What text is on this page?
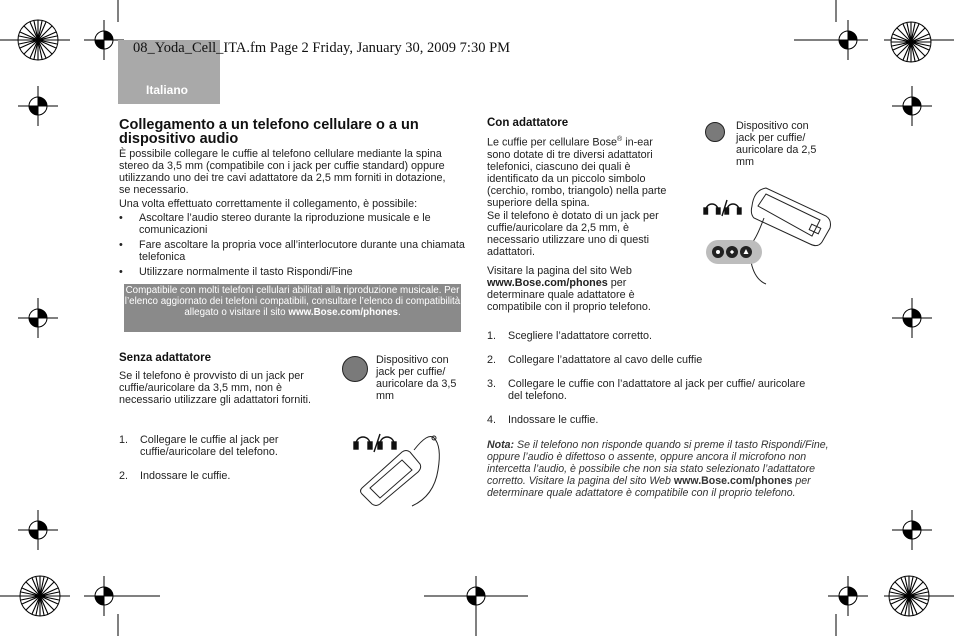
Italiano
08_Yoda_Cell_ITA.fm Page 2 Friday, January 30, 2009 7:30 PM
Collegamento a un telefono cellulare o a un dispositivo audio
È possibile collegare le cuffie al telefono cellulare mediante la spina stereo da 3,5 mm (compatibile con i jack per cuffie standard) oppure utilizzando uno dei tre cavi adattatore da 2,5 mm forniti in dotazione, se necessario.
Una volta effettuato correttamente il collegamento, è possibile:
• Ascoltare l’audio stereo durante la riproduzione musicale e le comunicazioni
• Fare ascoltare la propria voce all’interlocutore durante una chiamata telefonica
• Utilizzare normalmente il tasto Rispondi/Fine
Compatibile con molti telefoni cellulari abilitati alla riproduzione musicale. Per l’elenco aggiornato dei telefoni compatibili, consultare l’elenco di compatibilità allegato o visitare il sito www.Bose.com/phones.
Senza adattatore
Se il telefono è provvisto di un jack per cuffie/auricolare da 3,5 mm, non è necessario utilizzare gli adattatori forniti.
Dispositivo con jack per cuffie/ auricolare da 3,5 mm
1. Collegare le cuffie al jack per cuffie/auricolare del telefono.
2. Indossare le cuffie.
Con adattatore
Le cuffie per cellulare Bose® in-ear sono dotate di tre diversi adattatori telefonici, ciascuno dei quali è identificato da un piccolo simbolo (cerchio, rombo, triangolo) nella parte superiore della spina.
Se il telefono è dotato di un jack per cuffie/auricolare da 2,5 mm, è necessario utilizzare uno di questi adattatori.
Visitare la pagina del sito Web www.Bose.com/phones per determinare quale adattatore è compatibile con il proprio telefono.
Dispositivo con jack per cuffie/ auricolare da 2,5 mm
1. Scegliere l’adattatore corretto.
2. Collegare l’adattatore al cavo delle cuffie
3. Collegare le cuffie con l’adattatore al jack per cuffie/ auricolare del telefono.
4. Indossare le cuffie.
Nota: Se il telefono non risponde quando si preme il tasto Rispondi/Fine, oppure l’audio è difettoso o assente, oppure ancora il microfono non intercetta l’audio, è possibile che non sia stato selezionato l’adattatore corretto. Visitare la pagina del sito Web www.Bose.com/phones per determinare quale adattatore è compatibile con il proprio telefono.
